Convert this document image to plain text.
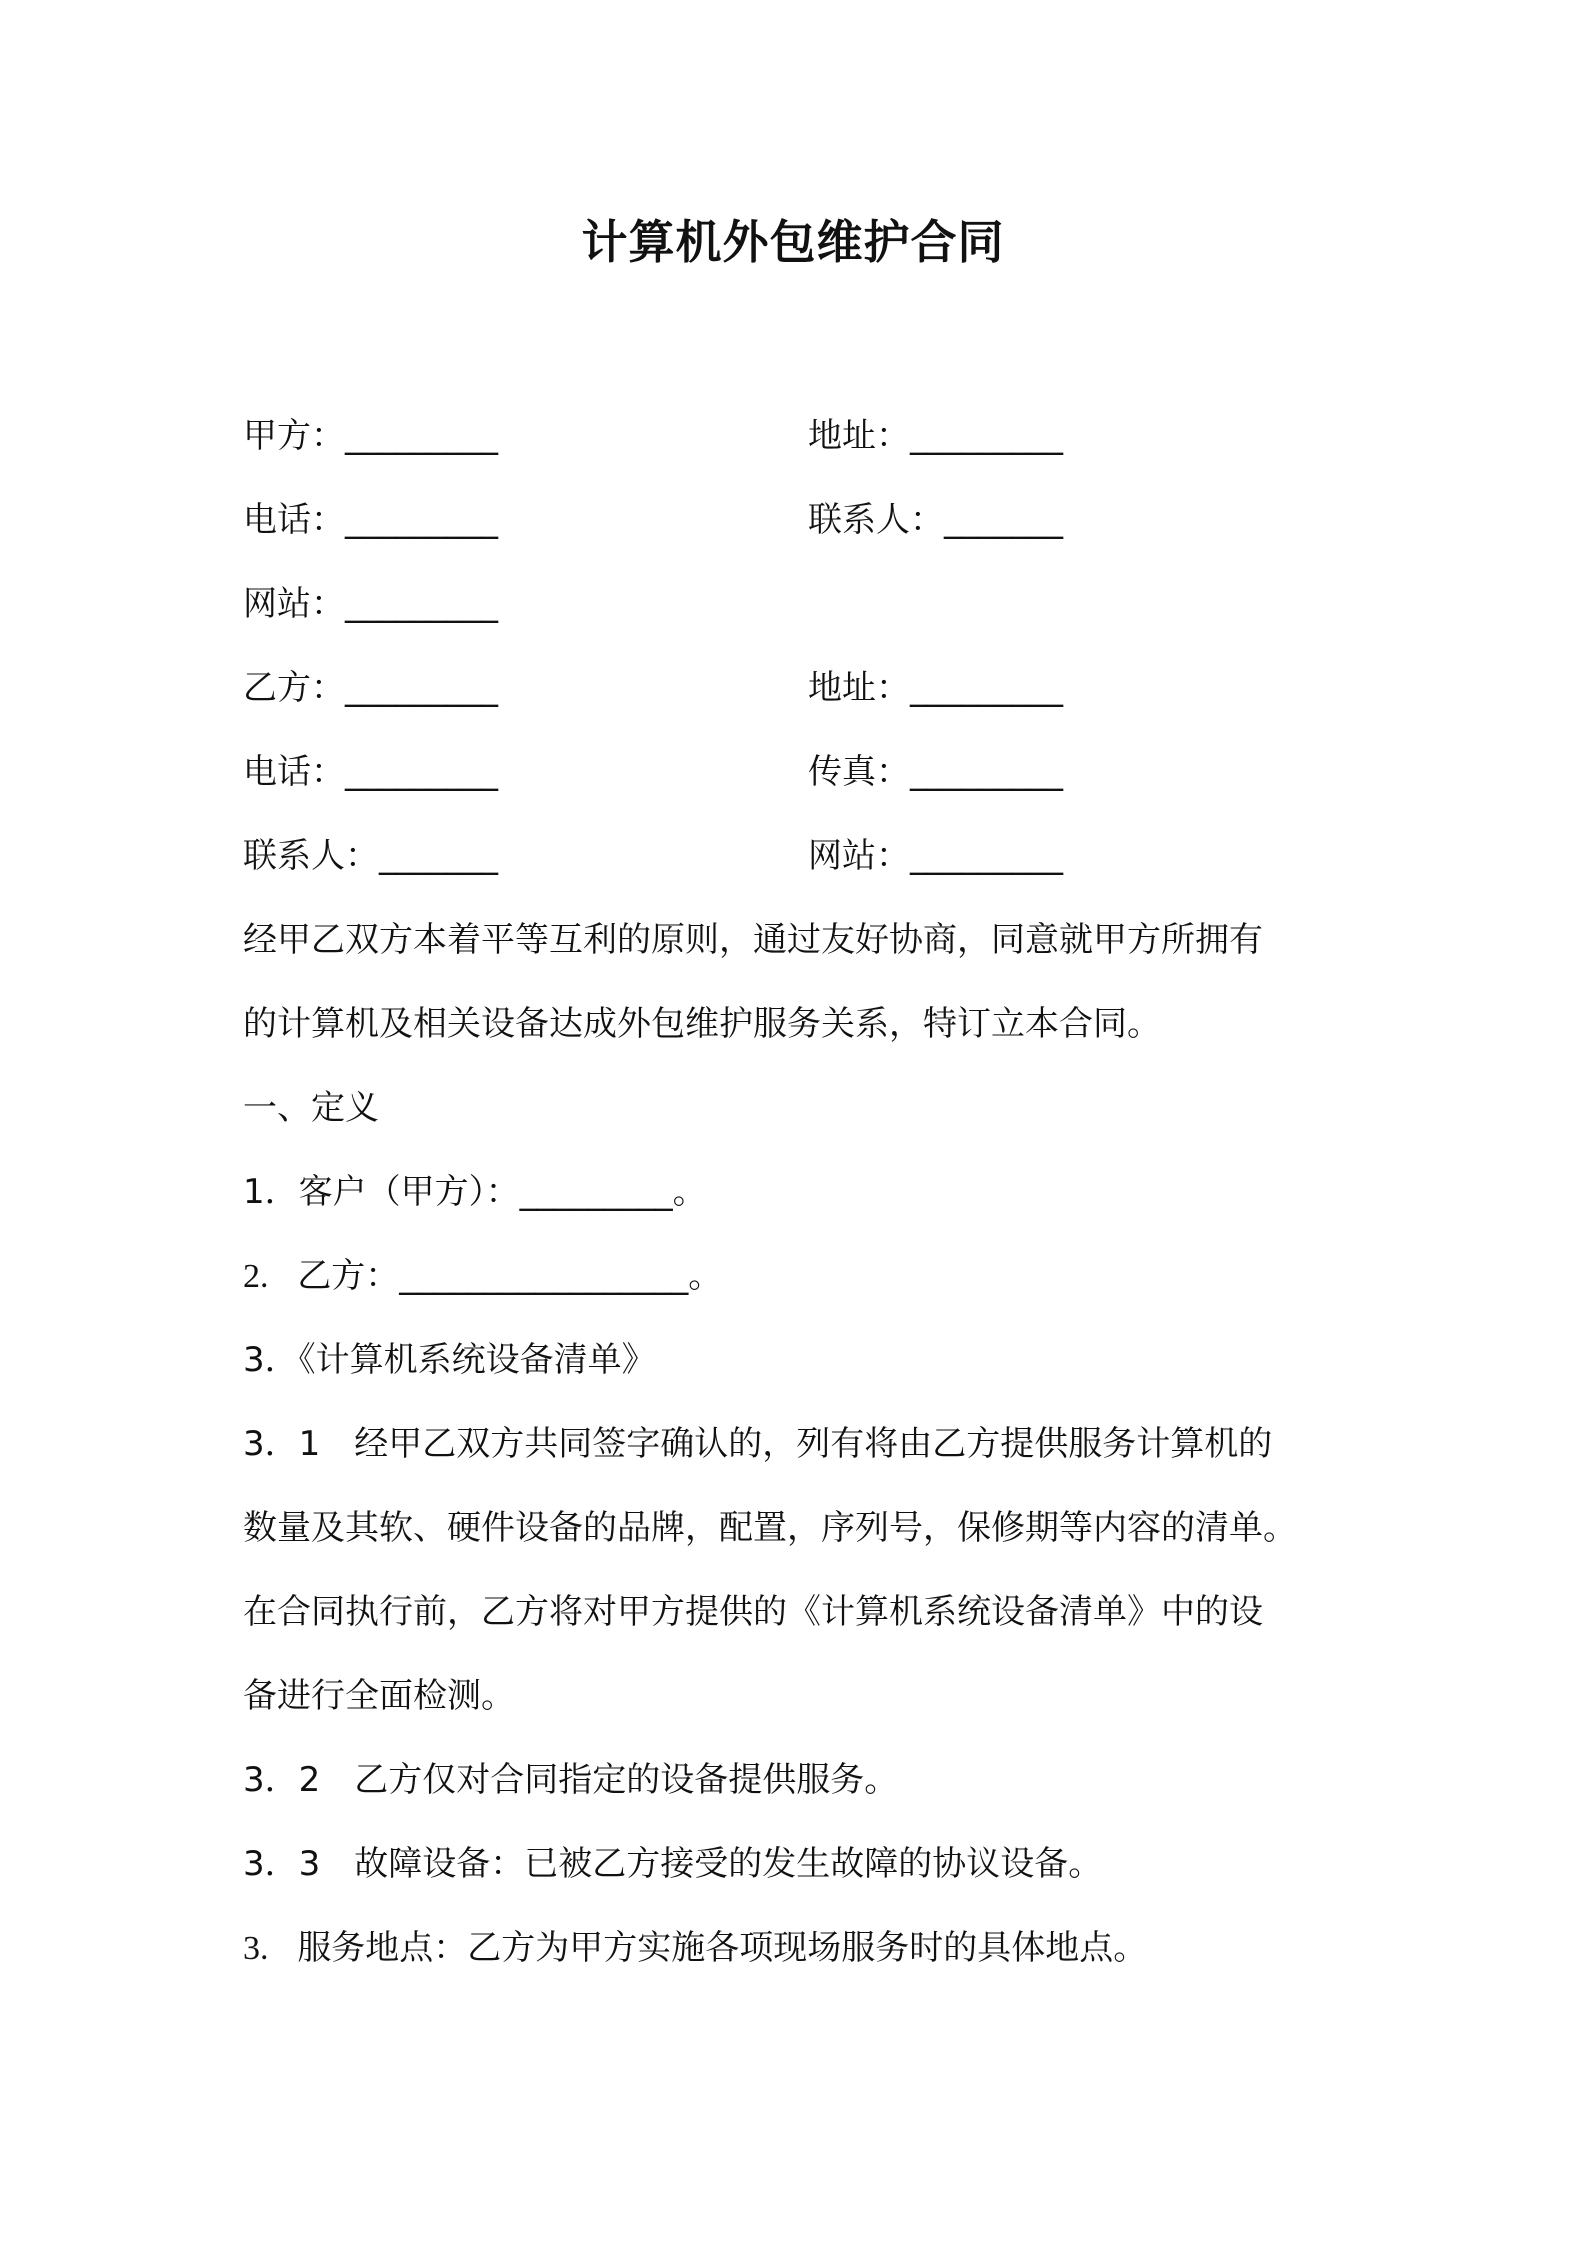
计算机外包维护合同
甲方：_________	地址：_________
电话：_________	联系人：_______
网站：_________
乙方：_________	地址：_________
电话：_________	传真：_________
联系人：_______	网站：_________
经甲乙双方本着平等互利的原则，通过友好协商，同意就甲方所拥有
的计算机及相关设备达成外包维护服务关系，特订立本合同。
一、定义
1．客户（甲方）：_________。
2. 乙方：_________________。
3．《计算机系统设备清单》
3．1　经甲乙双方共同签字确认的，列有将由乙方提供服务计算机的
数量及其软、硬件设备的品牌，配置，序列号，保修期等内容的清单。
在合同执行前，乙方将对甲方提供的《计算机系统设备清单》中的设
备进行全面检测。
3．2　乙方仅对合同指定的设备提供服务。
3．3　故障设备：已被乙方接受的发生故障的协议设备。
3. 服务地点：乙方为甲方实施各项现场服务时的具体地点。
